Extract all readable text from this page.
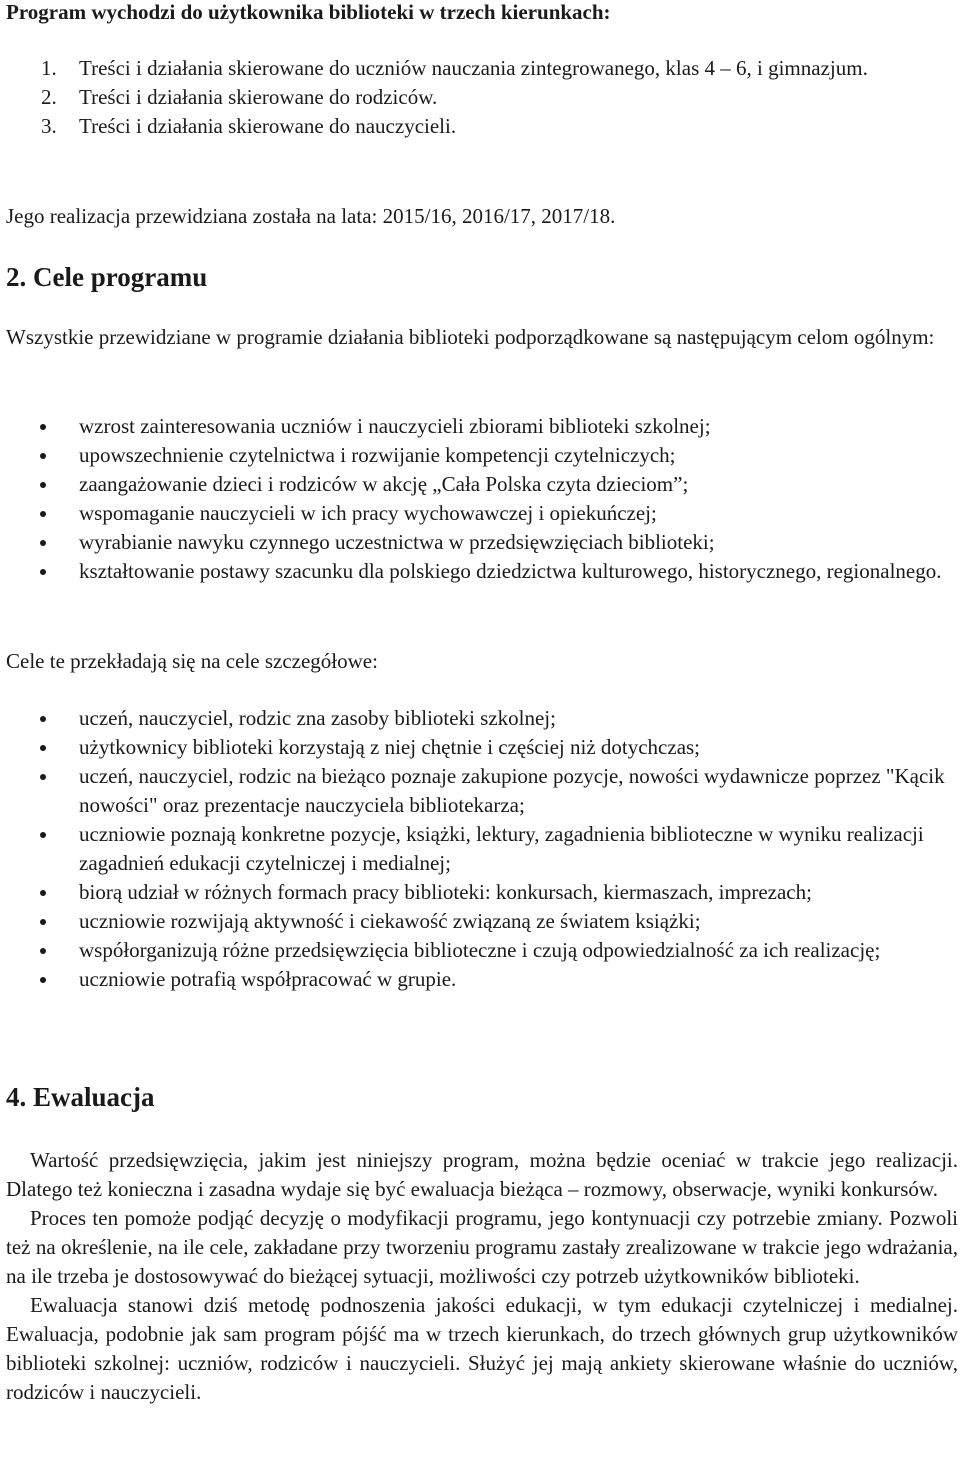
Program wychodzi do użytkownika biblioteki w trzech kierunkach:

1. Treści i działania skierowane do uczniów nauczania zintegrowanego, klas 4 – 6, i gimnazjum.
2. Treści i działania skierowane do rodziców.
3. Treści i działania skierowane do nauczycieli.

Jego realizacja przewidziana została na lata: 2015/16, 2016/17, 2017/18.

2. Cele programu

Wszystkie przewidziane w programie działania biblioteki podporządkowane są następującym celom ogólnym:

wzrost zainteresowania uczniów i nauczycieli zbiorami biblioteki szkolnej;
upowszechnienie czytelnictwa i rozwijanie kompetencji czytelniczych;
zaangażowanie dzieci i rodziców w akcję „Cała Polska czyta dzieciom”;
wspomaganie nauczycieli w ich pracy wychowawczej i opiekuńczej;
wyrabianie nawyku czynnego uczestnictwa w przedsięwzięciach biblioteki;
kształtowanie postawy szacunku dla polskiego dziedzictwa kulturowego, historycznego, regionalnego.

Cele te przekładają się na cele szczegółowe:

uczeń, nauczyciel, rodzic zna zasoby biblioteki szkolnej;
użytkownicy biblioteki korzystają z niej chętnie i częściej niż dotychczas;
uczeń, nauczyciel, rodzic na bieżąco poznaje zakupione pozycje, nowości wydawnicze poprzez "Kącik nowości" oraz prezentacje nauczyciela bibliotekarza;
uczniowie poznają konkretne pozycje, książki, lektury, zagadnienia biblioteczne w wyniku realizacji zagadnień edukacji czytelniczej i medialnej;
biorą udział w różnych formach pracy biblioteki: konkursach, kiermaszach, imprezach;
uczniowie rozwijają aktywność i ciekawość związaną ze światem książki;
współorganizują różne przedsięwzięcia biblioteczne i czują odpowiedzialność za ich realizację;
uczniowie potrafią współpracować w grupie.
4. Ewaluacja

Wartość przedsięwzięcia, jakim jest niniejszy program, można będzie oceniać w trakcie jego realizacji. Dlatego też konieczna i zasadna wydaje się być ewaluacja bieżąca – rozmowy, obserwacje, wyniki konkursów.

Proces ten pomoże podjąć decyzję o modyfikacji programu, jego kontynuacji czy potrzebie zmiany. Pozwoli też na określenie, na ile cele, zakładane przy tworzeniu programu zastały zrealizowane w trakcie jego wdrażania, na ile trzeba je dostosowywać do bieżącej sytuacji, możliwości czy potrzeb użytkowników biblioteki.

Ewaluacja stanowi dziś metodę podnoszenia jakości edukacji, w tym edukacji czytelniczej i medialnej. Ewaluacja, podobnie jak sam program pójść ma w trzech kierunkach, do trzech głównych grup użytkowników biblioteki szkolnej: uczniów, rodziców i nauczycieli. Służyć jej mają ankiety skierowane właśnie do uczniów, rodziców i nauczycieli.
